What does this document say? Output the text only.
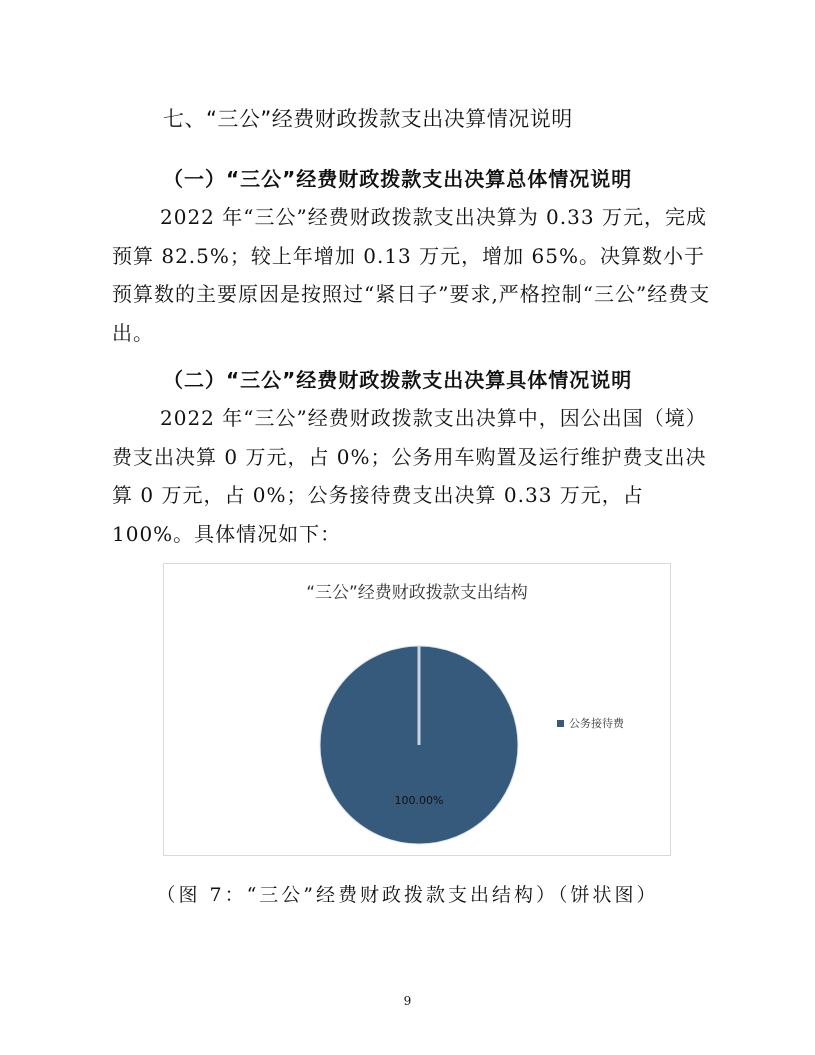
七、“三公”经费财政拨款支出决算情况说明
（一）“三公”经费财政拨款支出决算总体情况说明

2022 年“三公”经费财政拨款支出决算为 0.33 万元，完成预算 82.5%；较上年增加 0.13 万元，增加 65%。决算数小于预算数的主要原因是按照过“紧日子”要求,严格控制“三公”经费支出。

（二）“三公”经费财政拨款支出决算具体情况说明

2022 年“三公”经费财政拨款支出决算中，因公出国（境）费支出决算 0 万元，占 0%；公务用车购置及运行维护费支出决算 0 万元，占 0%；公务接待费支出决算 0.33 万元，占 100%。具体情况如下：

“三公”经费财政拨款支出结构
100.00%
公务接待费
（图 7：“三公”经费财政拨款支出结构）（饼状图）
9
